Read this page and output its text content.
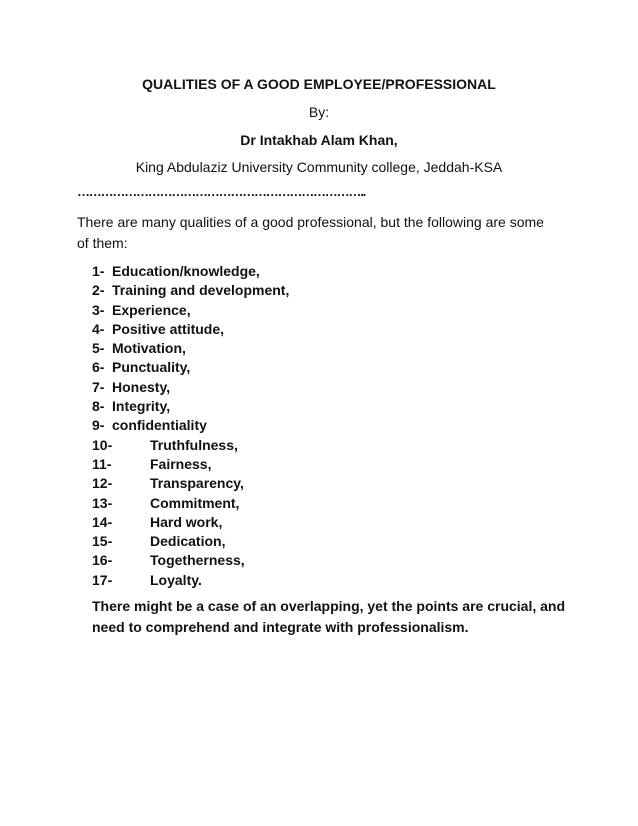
QUALITIES OF A GOOD EMPLOYEE/PROFESSIONAL
By:
Dr Intakhab Alam Khan,
King Abdulaziz University Community college, Jeddah-KSA
………………………………………………………………..
There are many qualities of a good professional, but the following are some of them:
1- Education/knowledge,
2- Training and development,
3- Experience,
4- Positive attitude,
5- Motivation,
6- Punctuality,
7- Honesty,
8- Integrity,
9- confidentiality
10-	Truthfulness,
11-	Fairness,
12-	Transparency,
13-	Commitment,
14-	Hard work,
15-	Dedication,
16-	Togetherness,
17-	Loyalty.
There might be a case of an overlapping, yet the points are crucial, and need to comprehend and integrate with professionalism.
